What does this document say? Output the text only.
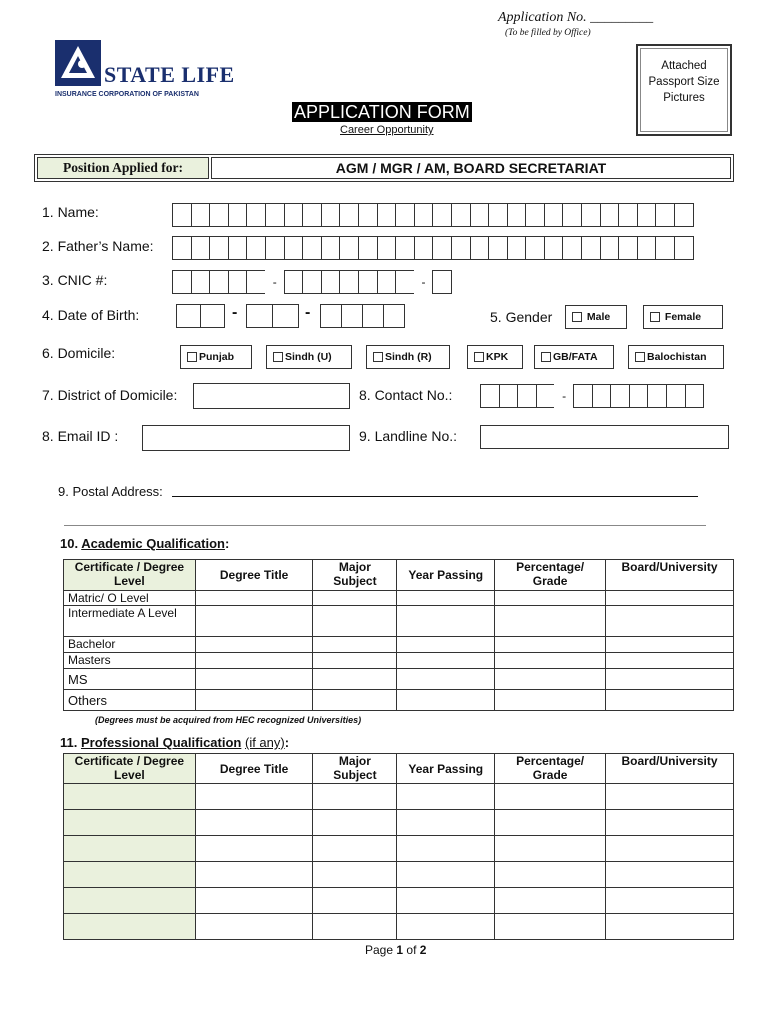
Application No. _________
(To be filled by Office)
STATE LIFE
INSURANCE CORPORATION OF PAKISTAN
Attached Passport Size Pictures
APPLICATION FORM
Career Opportunity
Position Applied for:	AGM / MGR / AM, BOARD SECRETARIAT
1. Name:
2. Father’s Name:
3. CNIC #:	-	-
4. Date of Birth:	-	-	5. Gender
	Male
	Female
6. Domicile:	Punjab	Sindh (U)	Sindh (R)	KPK	GB/FATA	Balochistan
7. District of Domicile:	8. Contact No.:	-
8. Email ID :	9. Landline No.:
9. Postal Address:
10. Academic Qualification:
Certificate / Degree Level	Degree Title	Major Subject	Year Passing	Percentage/ Grade	Board/University
Matric/ O Level					
Intermediate A Level					
Bachelor					
Masters					
MS					
Others					
(Degrees must be acquired from HEC recognized Universities)
11. Professional Qualification (if any):
Certificate / Degree Level	Degree Title	Major Subject	Year Passing	Percentage/ Grade	Board/University

Page 1 of 2
